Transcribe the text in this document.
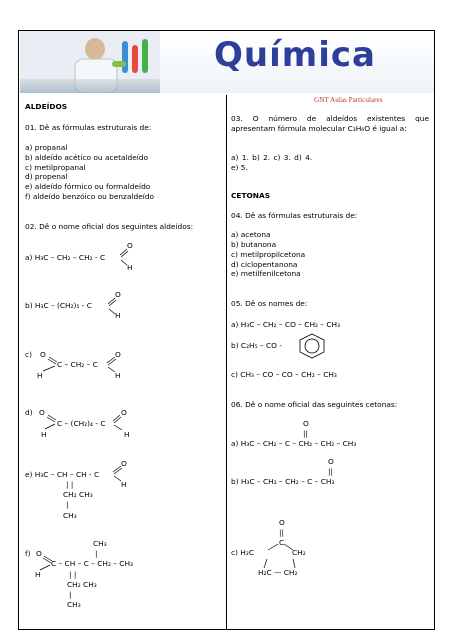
Química
GNT Aulas Particulares
ALDEÍDOS
01. Dê as fórmulas estruturais de:
a) propanal
b) aldeído acético ou acetaldeído
c) metilpropanal
d) propenal
e) aldeído fórmico ou formaldeído
f) aldeído benzóico ou benzaldeído
02. Dê o nome oficial dos seguintes aldeídos:
a) H₃C – CH₂ – CH₂ - C
O
H
b) H₃C – (CH₂)₅ - C
O
H
c) O
C – CH₂ – C
O
H	H
d) O
C – (CH₂)₄ - C
O
H	H
e) H₃C – CH – CH - C
O
H
| |
CH₂ CH₃
|
CH₃
CH₃
|
f) O
C – CH – C – CH₂ – CH₃
H	| |
CH₂ CH₃
|
CH₃
03. O número de aldeídos existentes que apresentam fórmula molecular C₃H₆O é igual a:
a) 1. b) 2. c) 3. d) 4.
e) 5.
CETONAS
04. Dê as fórmulas estruturais de:
a) acetona
b) butanona
c) metilpropilcetona
d) ciclopentanona
e) metilfenilcetona
05. Dê os nomes de:
a) H₃C – CH₂ – CO – CH₂ – CH₃
b) C₂H₅ – CO -
c) CH₃ – CO – CO – CH₂ – CH₃
06. Dê o nome oficial das seguintes cetonas:
O
||
a) H₃C – CH₂ – C – CH₂ – CH₂ – CH₃
O
||
b) H₃C – CH₂ – CH₂ – C – CH₃
O
||
C
c) H₂C	CH₂
H₂C — CH₂
